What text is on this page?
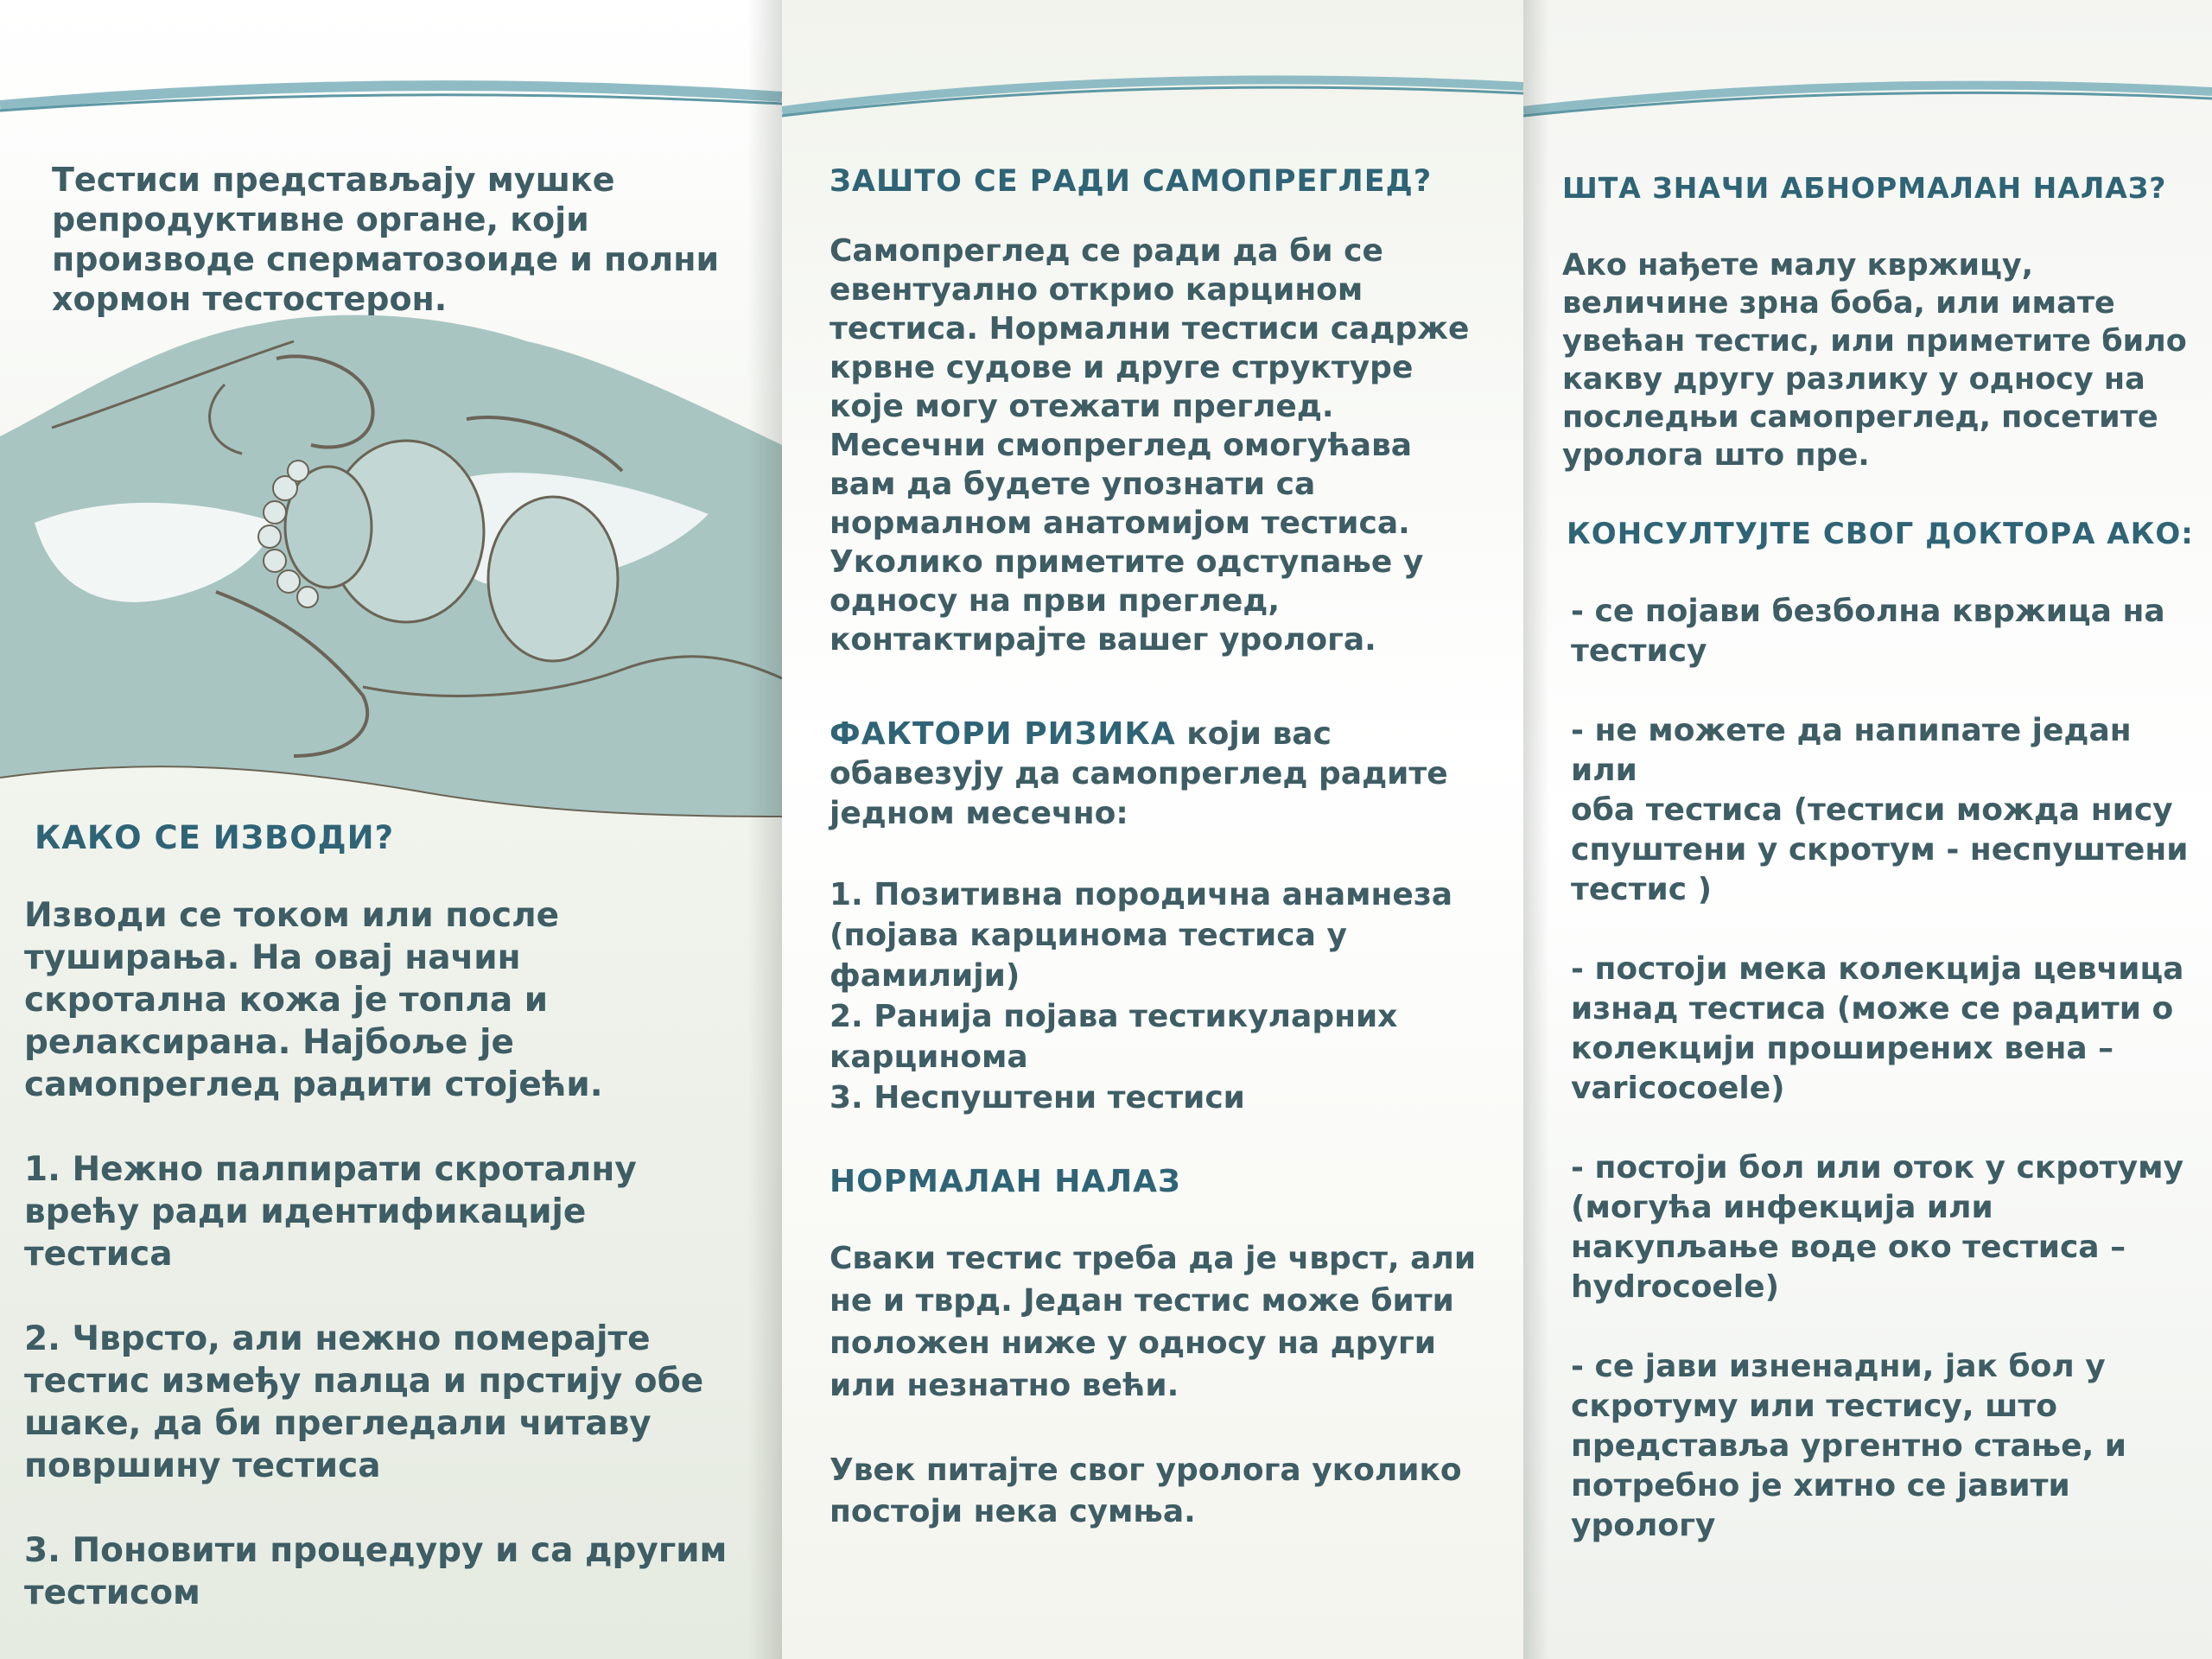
Тестиси представљају мушке
репродуктивне органе, који
производе сперматозоиде и полни
хормон тестостерон.
КАКО СЕ ИЗВОДИ?
Изводи се током или после
туширања. На овај начин
скротална кожа је топла и
релаксирана. Најбоље је
самопреглед радити стојећи.

1. Нежно палпирати скроталну
врећу ради идентификације
тестиса

2. Чврсто, али нежно померајте
тестис између палца и прстију обе
шаке, да би прегледали читаву
површину тестиса

3. Поновити процедуру и са другим
тестисом
ЗАШТО СЕ РАДИ САМОПРЕГЛЕД?
Самопреглед се ради да би се
евентуално открио карцином
тестиса. Нормални тестиси садрже
крвне судове и друге структуре
које могу отежати преглед.
Месечни смопреглед омогућава
вам да будете упознати са
нормалном анатомијом тестиса.
Уколико приметите одступање у
односу на први преглед,
контактирајте вашег уролога.
ФАКТОРИ РИЗИКА који вас
обавезују да самопреглед радите
једном месечно:
1. Позитивна породична анамнеза
(појава карцинома тестиса у
фамилији)
2. Ранија појава тестикуларних
карцинома
3. Неспуштени тестиси
НОРМАЛАН НАЛАЗ
Сваки тестис треба да је чврст, али
не и тврд. Један тестис може бити
положен ниже у односу на други
или незнатно већи.
Увек питајте свог уролога уколико
постоји нека сумња.
ШТА ЗНАЧИ АБНОРМАЛАН НАЛАЗ?
Ако нађете малу квржицу,
величине зрна боба, или имате
увећан тестис, или приметите било
какву другу разлику у односу на
последњи самопреглед, посетите
уролога што пре.
КОНСУЛТУЈТЕ СВОГ ДОКТОРА АКО:
- се појави безболна квржица на
тестису

- не можете да напипате један или
оба тестиса (тестиси можда нису
спуштени у скротум - неспуштени
тестис )

- постоји мека колекција цевчица
изнад тестиса (може се радити о
колекцији проширених вена –
varicocoele)

- постоји бол или оток у скротуму
(могућа инфекција или
накупљање воде око тестиса –
hydrocoele)

- се јави изненадни, јак бол у
скротуму или тестису, што
представља ургентно стање, и
потребно је хитно се јавити
урологу
